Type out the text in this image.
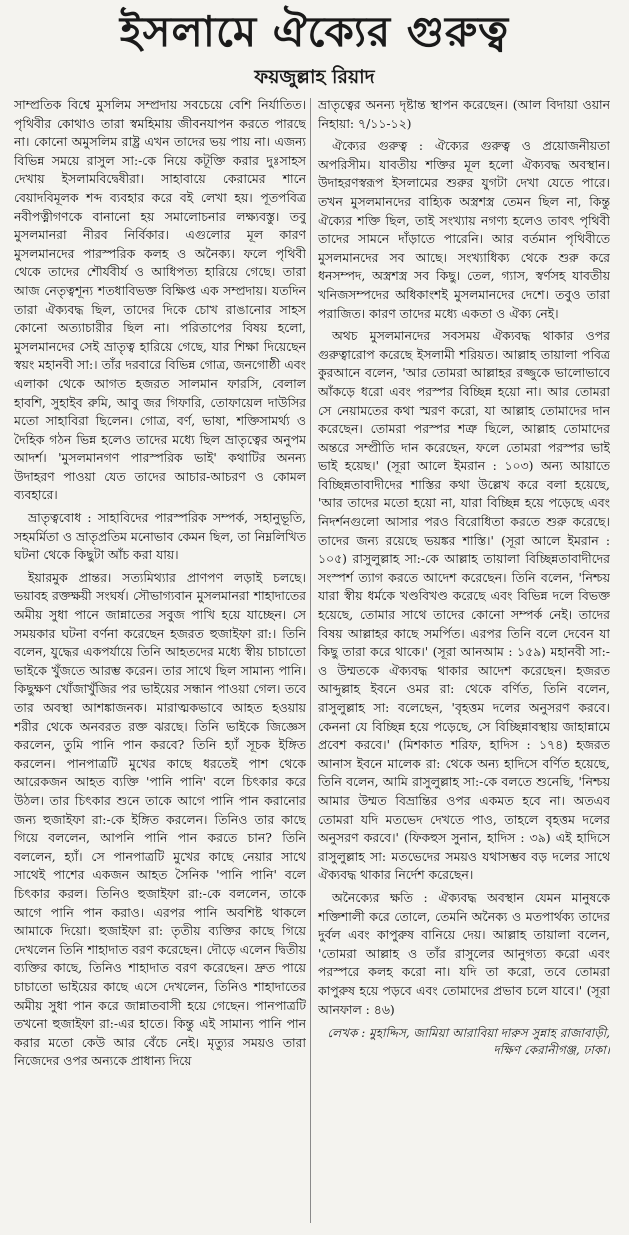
ইসলামে ঐক্যের গুরুত্ব
ফয়জুল্লাহ রিয়াদ

সাম্প্রতিক বিশ্বে মুসলিম সম্প্রদায় সবচেয়ে বেশি নির্যাতিত। পৃথিবীর কোথাও তারা স্বমহিমায় জীবনযাপন করতে পারছে না। কোনো অমুসলিম রাষ্ট্র এখন তাদের ভয় পায় না। এজন্য বিভিন্ন সময়ে রাসুল সা:-কে নিয়ে কটূক্তি করার দুঃসাহস দেখায় ইসলামবিদ্বেষীরা। সাহাবায়ে কেরামের শানে বেয়াদবিমূলক শব্দ ব্যবহার করে বই লেখা হয়। পূতপবিত্র নবীপত্নীগণকে বানানো হয় সমালোচনার লক্ষ্যবস্তু। তবু মুসলমানরা নীরব নির্বিকার। এগুলোর মূল কারণ মুসলমানদের পারস্পরিক কলহ ও অনৈক্য। ফলে পৃথিবী থেকে তাদের শৌর্যবীর্য ও আধিপত্য হারিয়ে গেছে। তারা আজ নেতৃত্বশূন্য শতধাবিভক্ত বিক্ষিপ্ত এক সম্প্রদায়। যতদিন তারা ঐক্যবদ্ধ ছিল, তাদের দিকে চোখ রাঙানোর সাহস কোনো অত্যাচারীর ছিল না। পরিতাপের বিষয় হলো, মুসলমানদের সেই ভ্রাতৃত্ব হারিয়ে গেছে, যার শিক্ষা দিয়েছেন স্বয়ং মহানবী সা:। তাঁর দরবারে বিভিন্ন গোত্র, জনগোষ্ঠী এবং এলাকা থেকে আগত হজরত সালমান ফারসি, বেলাল হাবশি, সুহাইব রুমি, আবু জর গিফারি, তোফায়েল দাউসির মতো সাহাবিরা ছিলেন। গোত্র, বর্ণ, ভাষা, শক্তিসামর্থ্য ও দৈহিক গঠন ভিন্ন হলেও তাদের মধ্যে ছিল ভ্রাতৃত্বের অনুপম আদর্শ। 'মুসলমানগণ পারস্পরিক ভাই' কথাটির অনন্য উদাহরণ পাওয়া যেত তাদের আচার-আচরণ ও কোমল ব্যবহারে।

ভ্রাতৃত্ববোধ : সাহাবিদের পারস্পরিক সম্পর্ক, সহানুভূতি, সহমর্মিতা ও ভ্রাতৃপ্রতিম মনোভাব কেমন ছিল, তা নিম্নলিখিত ঘটনা থেকে কিছুটা আঁচ করা যায়।

ইয়ারমুক প্রান্তর। সত্যমিথ্যার প্রাণপণ লড়াই চলছে। ভয়াবহ রক্তক্ষয়ী সংঘর্ষ। সৌভাগ্যবান মুসলমানরা শাহাদাতের অমীয় সুধা পানে জান্নাতের সবুজ পাখি হয়ে যাচ্ছেন। সে সময়কার ঘটনা বর্ণনা করেছেন হজরত হুজাইফা রা:। তিনি বলেন, যুদ্ধের একপর্যায়ে তিনি আহতদের মধ্যে স্বীয় চাচাতো ভাইকে খুঁজতে আরম্ভ করেন। তার সাথে ছিল সামান্য পানি। কিছুক্ষণ খোঁজাখুঁজির পর ভাইয়ের সন্ধান পাওয়া গেল। তবে তার অবস্থা আশঙ্কাজনক। মারাত্মকভাবে আহত হওয়ায় শরীর থেকে অনবরত রক্ত ঝরছে। তিনি ভাইকে জিজ্ঞেস করলেন, তুমি পানি পান করবে? তিনি হ্যাঁ সূচক ইঙ্গিত করলেন। পানপাত্রটি মুখের কাছে ধরতেই পাশ থেকে আরেকজন আহত ব্যক্তি 'পানি পানি' বলে চিৎকার করে উঠল। তার চিৎকার শুনে তাকে আগে পানি পান করানোর জন্য হুজাইফা রা:-কে ইঙ্গিত করলেন। তিনিও তার কাছে গিয়ে বললেন, আপনি পানি পান করতে চান? তিনি বললেন, হ্যাঁ। সে পানপাত্রটি মুখের কাছে নেয়ার সাথে সাথেই পাশের একজন আহত সৈনিক 'পানি পানি' বলে চিৎকার করল। তিনিও হুজাইফা রা:-কে বললেন, তাকে আগে পানি পান করাও। এরপর পানি অবশিষ্ট থাকলে আমাকে দিয়ো। হুজাইফা রা: তৃতীয় ব্যক্তির কাছে গিয়ে দেখলেন তিনি শাহাদাত বরণ করেছেন। দৌড়ে এলেন দ্বিতীয় ব্যক্তির কাছে, তিনিও শাহাদাত বরণ করেছেন। দ্রুত পায়ে চাচাতো ভাইয়ের কাছে এসে দেখলেন, তিনিও শাহাদাতের অমীয় সুধা পান করে জান্নাতবাসী হয়ে গেছেন। পানপাত্রটি তখনো হুজাইফা রা:-এর হাতে। কিন্তু এই সামান্য পানি পান করার মতো কেউ আর বেঁচে নেই। মৃত্যুর সময়ও তারা নিজেদের ওপর অন্যকে প্রাধান্য দিয়ে

ভ্রাতৃত্বের অনন্য দৃষ্টান্ত স্থাপন করেছেন। (আল বিদায়া ওয়ান নিহায়া: ৭/১১-১২)

ঐক্যের গুরুত্ব : ঐক্যের গুরুত্ব ও প্রয়োজনীয়তা অপরিসীম। যাবতীয় শক্তির মূল হলো ঐক্যবদ্ধ অবস্থান। উদাহরণস্বরূপ ইসলামের শুরুর যুগটা দেখা যেতে পারে। তখন মুসলমানদের বাহ্যিক অস্ত্রশস্ত্র তেমন ছিল না, কিন্তু ঐক্যের শক্তি ছিল, তাই সংখ্যায় নগণ্য হলেও তাবৎ পৃথিবী তাদের সামনে দাঁড়াতে পারেনি। আর বর্তমান পৃথিবীতে মুসলমানদের সব আছে। সংখ্যাধিক্য থেকে শুরু করে ধনসম্পদ, অস্ত্রশস্ত্র সব কিছু। তেল, গ্যাস, স্বর্ণসহ যাবতীয় খনিজসম্পদের অধিকাংশই মুসলমানদের দেশে। তবুও তারা পরাজিত। কারণ তাদের মধ্যে একতা ও ঐক্য নেই।

অথচ মুসলমানদের সবসময় ঐক্যবদ্ধ থাকার ওপর গুরুত্বারোপ করেছে ইসলামী শরিয়ত। আল্লাহ তায়ালা পবিত্র কুরআনে বলেন, 'আর তোমরা আল্লাহর রজ্জুকে ভালোভাবে আঁকড়ে ধরো এবং পরস্পর বিচ্ছিন্ন হয়ো না। আর তোমরা সে নেয়ামতের কথা স্মরণ করো, যা আল্লাহ তোমাদের দান করেছেন। তোমরা পরস্পর শত্রু ছিলে, আল্লাহ তোমাদের অন্তরে সম্প্রীতি দান করেছেন, ফলে তোমরা পরস্পর ভাই ভাই হয়েছ।' (সূরা আলে ইমরান : ১০৩) অন্য আয়াতে বিচ্ছিন্নতাবাদীদের শাস্তির কথা উল্লেখ করে বলা হয়েছে, 'আর তাদের মতো হয়ো না, যারা বিচ্ছিন্ন হয়ে পড়েছে এবং নিদর্শনগুলো আসার পরও বিরোধিতা করতে শুরু করেছে। তাদের জন্য রয়েছে ভয়ঙ্কর শাস্তি।' (সূরা আলে ইমরান : ১০৫) রাসুলুল্লাহ সা:-কে আল্লাহ তায়ালা বিচ্ছিন্নতাবাদীদের সংস্পর্শ ত্যাগ করতে আদেশ করেছেন। তিনি বলেন, 'নিশ্চয় যারা স্বীয় ধর্মকে খণ্ডবিখণ্ড করেছে এবং বিভিন্ন দলে বিভক্ত হয়েছে, তোমার সাথে তাদের কোনো সম্পর্ক নেই। তাদের বিষয় আল্লাহর কাছে সমর্পিত। এরপর তিনি বলে দেবেন যা কিছু তারা করে থাকে।' (সূরা আনআম : ১৫৯) মহানবী সা:-ও উম্মতকে ঐক্যবদ্ধ থাকার আদেশ করেছেন। হজরত আব্দুল্লাহ ইবনে ওমর রা: থেকে বর্ণিত, তিনি বলেন, রাসুলুল্লাহ সা: বলেছেন, 'বৃহত্তম দলের অনুসরণ করবে। কেননা যে বিচ্ছিন্ন হয়ে পড়েছে, সে বিচ্ছিন্নাবস্থায় জাহান্নামে প্রবেশ করবে।' (মিশকাত শরিফ, হাদিস : ১৭৪) হজরত আনাস ইবনে মালেক রা: থেকে অন্য হাদিসে বর্ণিত হয়েছে, তিনি বলেন, আমি রাসুলুল্লাহ সা:-কে বলতে শুনেছি, 'নিশ্চয় আমার উম্মত বিভ্রান্তির ওপর একমত হবে না। অতএব তোমরা যদি মতভেদ দেখতে পাও, তাহলে বৃহত্তম দলের অনুসরণ করবে।' (ফিকহুস সুনান, হাদিস : ৩৯) এই হাদিসে রাসুলুল্লাহ সা: মতভেদের সময়ও যথাসম্ভব বড় দলের সাথে ঐক্যবদ্ধ থাকার নির্দেশ করেছেন।

অনৈক্যের ক্ষতি : ঐক্যবদ্ধ অবস্থান যেমন মানুষকে শক্তিশালী করে তোলে, তেমনি অনৈক্য ও মতপার্থক্য তাদের দুর্বল এবং কাপুরুষ বানিয়ে দেয়। আল্লাহ তায়ালা বলেন, 'তোমরা আল্লাহ ও তাঁর রাসুলের আনুগত্য করো এবং পরস্পরে কলহ করো না। যদি তা করো, তবে তোমরা কাপুরুষ হয়ে পড়বে এবং তোমাদের প্রভাব চলে যাবে।' (সূরা আনফাল : ৪৬)

লেখক : মুহাদ্দিস, জামিয়া আরাবিয়া দারুস সুন্নাহ রাজাবাড়ী, দক্ষিণ কেরানীগঞ্জ, ঢাকা।
